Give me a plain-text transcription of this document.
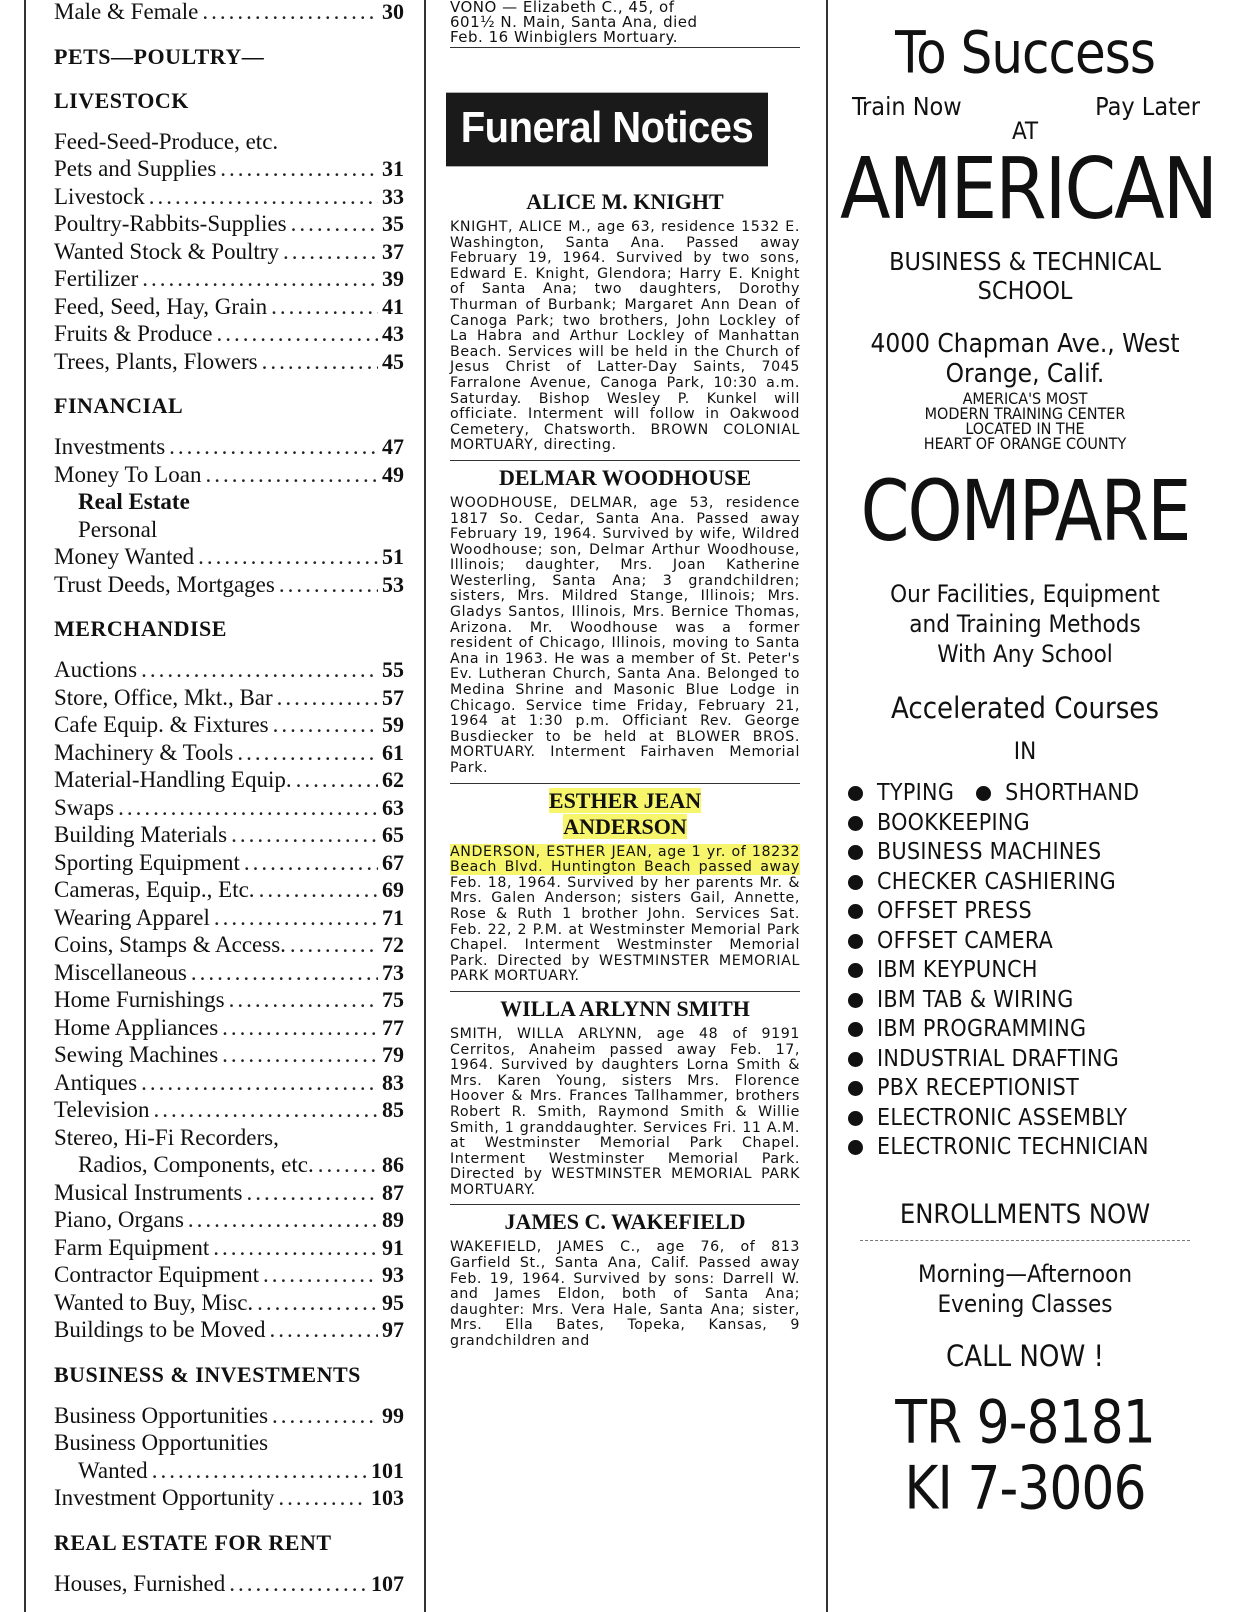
Male & Female .....	30
PETS—POULTRY—
LIVESTOCK
Feed-Seed-Produce, etc.
Pets and Supplies .....	31
Livestock .....	33
Poultry-Rabbits-Supplies .....	35
Wanted Stock & Poultry .....	37
Fertilizer .....	39
Feed, Seed, Hay, Grain .....	41
Fruits & Produce .....	43
Trees, Plants, Flowers .....	45
FINANCIAL
Investments .....	47
Money To Loan .....	49
Real Estate
Personal
Money Wanted .....	51
Trust Deeds, Mortgages .....	53
MERCHANDISE
Auctions .....	55
Store, Office, Mkt., Bar .....	57
Cafe Equip. & Fixtures .....	59
Machinery & Tools .....	61
Material-Handling Equip. .....	62
Swaps .....	63
Building Materials .....	65
Sporting Equipment .....	67
Cameras, Equip., Etc. .....	69
Wearing Apparel .....	71
Coins, Stamps & Access. .....	72
Miscellaneous .....	73
Home Furnishings .....	75
Home Appliances .....	77
Sewing Machines .....	79
Antiques .....	83
Television .....	85
Stereo, Hi-Fi Recorders,
Radios, Components, etc. .....	86
Musical Instruments .....	87
Piano, Organs .....	89
Farm Equipment .....	91
Contractor Equipment .....	93
Wanted to Buy, Misc. .....	95
Buildings to be Moved .....	97
BUSINESS & INVESTMENTS
Business Opportunities .....	99
Business Opportunities
Wanted .....	101
Investment Opportunity .....	103
REAL ESTATE FOR RENT
Houses, Furnished .....	107
VONO — Elizabeth C., 45, of
601½ N. Main, Santa Ana, died
Feb. 16 Winbiglers Mortuary.
Funeral Notices
ALICE M. KNIGHT
KNIGHT, ALICE M., age 63, residence 1532 E. Washington, Santa Ana. Passed away February 19, 1964. Survived by two sons, Edward E. Knight, Glendora; Harry E. Knight of Santa Ana; two daughters, Dorothy Thurman of Burbank; Margaret Ann Dean of Canoga Park; two brothers, John Lockley of La Habra and Arthur Lockley of Manhattan Beach. Services will be held in the Church of Jesus Christ of Latter-Day Saints, 7045 Farralone Avenue, Canoga Park, 10:30 a.m. Saturday. Bishop Wesley P. Kunkel will officiate. Interment will follow in Oakwood Cemetery, Chatsworth. BROWN COLONIAL MORTUARY, directing.
DELMAR WOODHOUSE
WOODHOUSE, DELMAR, age 53, residence 1817 So. Cedar, Santa Ana. Passed away February 19, 1964. Survived by wife, Wildred Woodhouse; son, Delmar Arthur Woodhouse, Illinois; daughter, Mrs. Joan Katherine Westerling, Santa Ana; 3 grandchildren; sisters, Mrs. Mildred Stange, Illinois; Mrs. Gladys Santos, Illinois, Mrs. Bernice Thomas, Arizona. Mr. Woodhouse was a former resident of Chicago, Illinois, moving to Santa Ana in 1963. He was a member of St. Peter's Ev. Lutheran Church, Santa Ana. Belonged to Medina Shrine and Masonic Blue Lodge in Chicago. Service time Friday, February 21, 1964 at 1:30 p.m. Officiant Rev. George Busdiecker to be held at BLOWER BROS. MORTUARY. Interment Fairhaven Memorial Park.
ESTHER JEAN
ANDERSON
ANDERSON, ESTHER JEAN, age 1 yr. of 18232 Beach Blvd. Huntington Beach passed away Feb. 18, 1964. Survived by her parents Mr. & Mrs. Galen Anderson; sisters Gail, Annette, Rose & Ruth 1 brother John. Services Sat. Feb. 22, 2 P.M. at Westminster Memorial Park Chapel. Interment Westminster Memorial Park. Directed by WESTMINSTER MEMORIAL PARK MORTUARY.
WILLA ARLYNN SMITH
SMITH, WILLA ARLYNN, age 48 of 9191 Cerritos, Anaheim passed away Feb. 17, 1964. Survived by daughters Lorna Smith & Mrs. Karen Young, sisters Mrs. Florence Hoover & Mrs. Frances Tallhammer, brothers Robert R. Smith, Raymond Smith & Willie Smith, 1 granddaughter. Services Fri. 11 A.M. at Westminster Memorial Park Chapel. Interment Westminster Memorial Park. Directed by WESTMINSTER MEMORIAL PARK MORTUARY.
JAMES C. WAKEFIELD
WAKEFIELD, JAMES C., age 76, of 813 Garfield St., Santa Ana, Calif. Passed away Feb. 19, 1964. Survived by sons: Darrell W. and James Eldon, both of Santa Ana; daughter: Mrs. Vera Hale, Santa Ana; sister, Mrs. Ella Bates, Topeka, Kansas, 9 grandchildren and
To Success
Train Now	Pay Later
AT
AMERICAN
BUSINESS & TECHNICAL
SCHOOL
4000 Chapman Ave., West
Orange, Calif.
AMERICA'S MOST
MODERN TRAINING CENTER
LOCATED IN THE
HEART OF ORANGE COUNTY
COMPARE
Our Facilities, Equipment
and Training Methods
With Any School
Accelerated Courses
IN
TYPING SHORTHAND
BOOKKEEPING
BUSINESS MACHINES
CHECKER CASHIERING
OFFSET PRESS
OFFSET CAMERA
IBM KEYPUNCH
IBM TAB & WIRING
IBM PROGRAMMING
INDUSTRIAL DRAFTING
PBX RECEPTIONIST
ELECTRONIC ASSEMBLY
ELECTRONIC TECHNICIAN
ENROLLMENTS NOW
Morning—Afternoon
Evening Classes
CALL NOW !
TR 9-8181
KI 7-3006
